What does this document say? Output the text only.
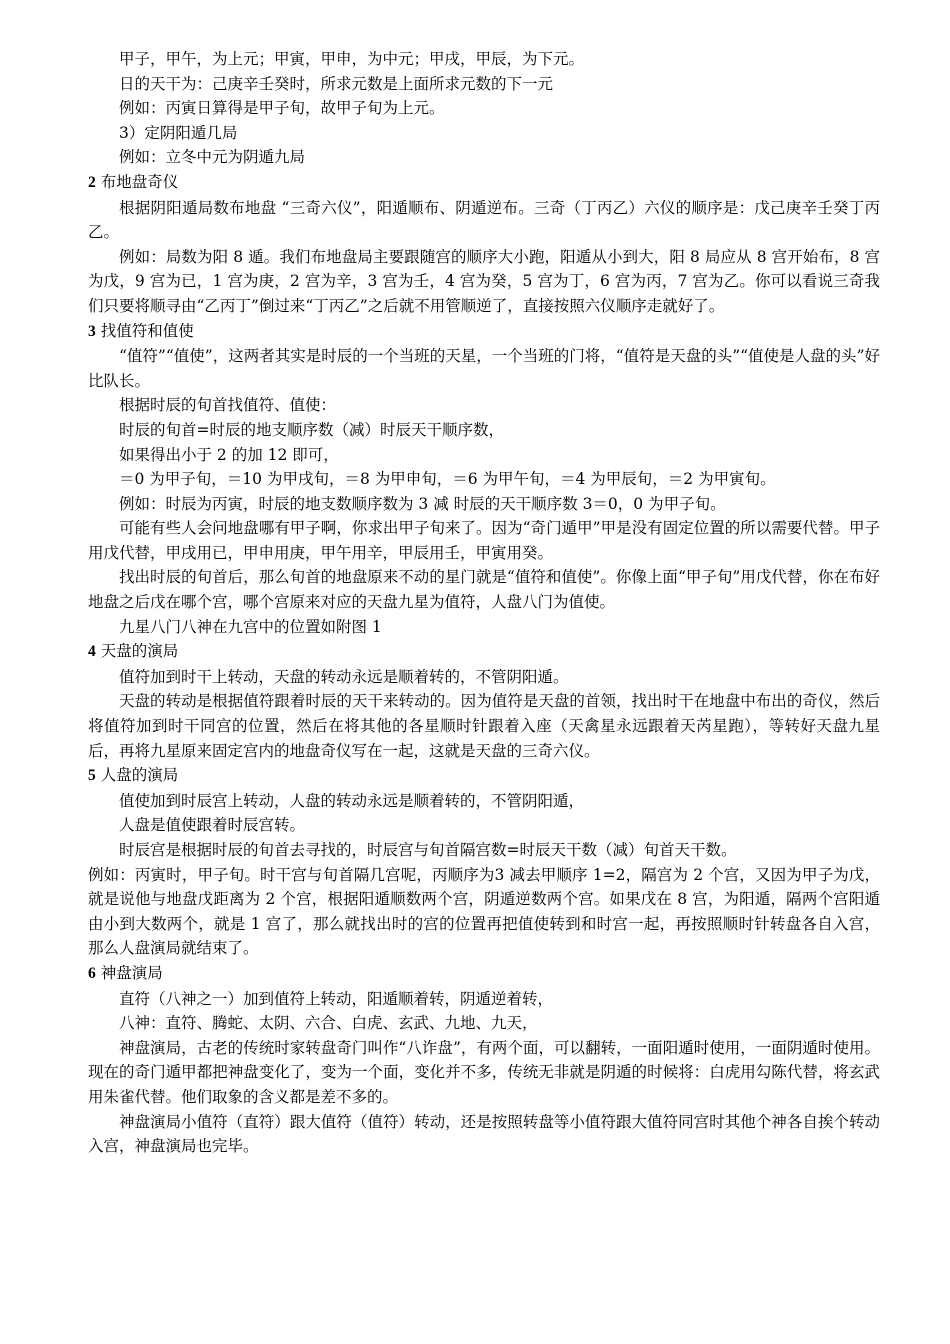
甲子，甲午，为上元；甲寅，甲申，为中元；甲戌，甲辰，为下元。

日的天干为：己庚辛壬癸时，所求元数是上面所求元数的下一元

例如：丙寅日算得是甲子旬，故甲子旬为上元。

3）定阴阳遁几局

例如：立冬中元为阴遁九局

2 布地盘奇仪

根据阴阳遁局数布地盘 “三奇六仪”，阳遁顺布、阴遁逆布。三奇（丁丙乙）六仪的顺序是：戊己庚辛壬癸丁丙乙。

例如：局数为阳 8 遁。我们布地盘局主要跟随宫的顺序大小跑，阳遁从小到大，阳 8 局应从 8 宫开始布，8 宫为戊，9 宫为已，1 宫为庚，2 宫为辛，3 宫为壬，4 宫为癸，5 宫为丁，6 宫为丙，7 宫为乙。你可以看说三奇我们只要将顺寻由“乙丙丁”倒过来“丁丙乙”之后就不用管顺逆了，直接按照六仪顺序走就好了。

3 找值符和值使

“值符”“值使”，这两者其实是时辰的一个当班的天星，一个当班的门将，“值符是天盘的头”“值使是人盘的头”好比队长。

根据时辰的旬首找值符、值使：

时辰的旬首=时辰的地支顺序数（减）时辰天干顺序数，

如果得出小于 2 的加 12 即可，

＝0 为甲子旬，＝10 为甲戌旬，＝8 为甲申旬，＝6 为甲午旬，＝4 为甲辰旬，＝2 为甲寅旬。

例如：时辰为丙寅，时辰的地支数顺序数为 3 减 时辰的天干顺序数 3＝0，0 为甲子旬。

可能有些人会问地盘哪有甲子啊，你求出甲子旬来了。因为“奇门遁甲”甲是没有固定位置的所以需要代替。甲子用戊代替，甲戌用已，甲申用庚，甲午用辛，甲辰用壬，甲寅用癸。

找出时辰的旬首后，那么旬首的地盘原来不动的星门就是“值符和值使”。你像上面“甲子旬”用戊代替，你在布好地盘之后戊在哪个宫，哪个宫原来对应的天盘九星为值符，人盘八门为值使。

九星八门八神在九宫中的位置如附图 1

4 天盘的演局

值符加到时干上转动，天盘的转动永远是顺着转的，不管阴阳遁。

天盘的转动是根据值符跟着时辰的天干来转动的。因为值符是天盘的首领，找出时干在地盘中布出的奇仪，然后将值符加到时干同宫的位置，然后在将其他的各星顺时针跟着入座（天禽星永远跟着天芮星跑），等转好天盘九星后，再将九星原来固定宫内的地盘奇仪写在一起，这就是天盘的三奇六仪。

5 人盘的演局

值使加到时辰宫上转动，人盘的转动永远是顺着转的，不管阴阳遁，

人盘是值使跟着时辰宫转。

时辰宫是根据时辰的旬首去寻找的，时辰宫与旬首隔宫数=时辰天干数（减）旬首天干数。

例如：丙寅时，甲子旬。时干宫与旬首隔几宫呢，丙顺序为3 减去甲顺序 1=2，隔宫为 2 个宫，又因为甲子为戊，就是说他与地盘戊距离为 2 个宫，根据阳遁顺数两个宫，阴遁逆数两个宫。如果戊在 8 宫，为阳遁，隔两个宫阳遁由小到大数两个，就是 1 宫了，那么就找出时的宫的位置再把值使转到和时宫一起，再按照顺时针转盘各自入宫，那么人盘演局就结束了。

6 神盘演局

直符（八神之一）加到值符上转动，阳遁顺着转，阴遁逆着转，

八神：直符、腾蛇、太阴、六合、白虎、玄武、九地、九天，

神盘演局，古老的传统时家转盘奇门叫作“八诈盘”，有两个面，可以翻转，一面阳遁时使用，一面阴遁时使用。现在的奇门遁甲都把神盘变化了，变为一个面，变化并不多，传统无非就是阴遁的时候将：白虎用勾陈代替，将玄武用朱雀代替。他们取象的含义都是差不多的。

神盘演局小值符（直符）跟大值符（值符）转动，还是按照转盘等小值符跟大值符同宫时其他个神各自挨个转动入宫，神盘演局也完毕。
